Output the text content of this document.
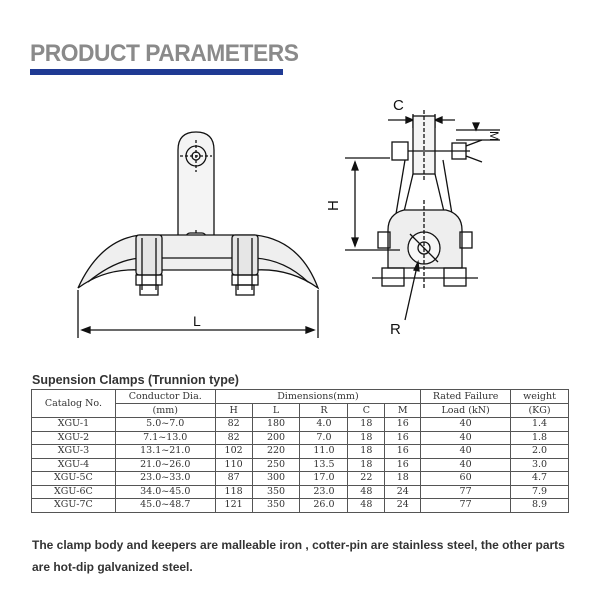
PRODUCT PARAMETERS
C
M
H
L	R
Supension Clamps (Trunnion type)
Catalog No.	Conductor Dia.	Dimensions(mm)					Rated Failure	weight
	(mm)	H	L	R	C	M	Load (kN)	(KG)
XGU-1	5.0~7.0	82	180	4.0	18	16	40	1.4
XGU-2	7.1~13.0	82	200	7.0	18	16	40	1.8
XGU-3	13.1~21.0	102	220	11.0	18	16	40	2.0
XGU-4	21.0~26.0	110	250	13.5	18	16	40	3.0
XGU-5C	23.0~33.0	87	300	17.0	22	18	60	4.7
XGU-6C	34.0~45.0	118	350	23.0	48	24	77	7.9
XGU-7C	45.0~48.7	121	350	26.0	48	24	77	8.9
The clamp body and keepers are malleable iron , cotter-pin are stainless steel, the other parts are hot-dip galvanized steel.
